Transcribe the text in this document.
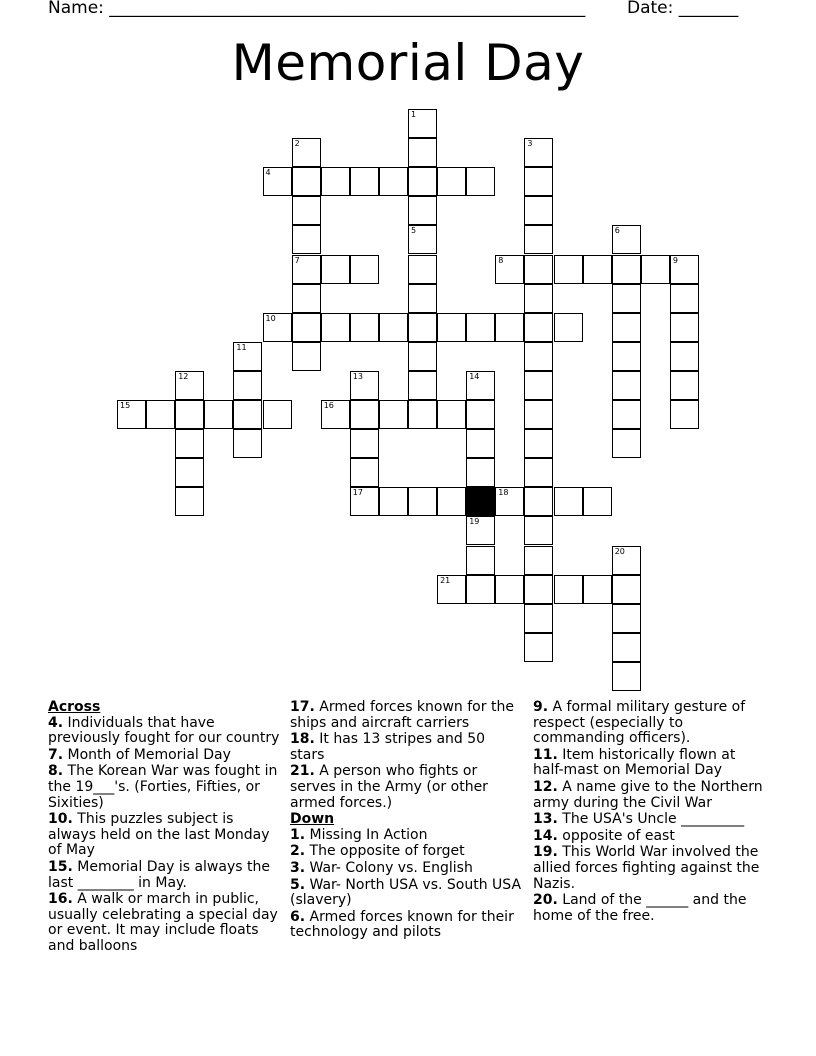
Name: ________________________________________________________ Date: _______
Memorial Day
4
7	8	9
10
15	16
17	18
21
1
5
2	3
6
11
12	13	14
19
20
Across
4. Individuals that have previously fought for our country
7. Month of Memorial Day
8. The Korean War was fought in the 19___'s. (Forties, Fifties, or Sixities)
10. This puzzles subject is always held on the last Monday of May
15. Memorial Day is always the last ________ in May.
16. A walk or march in public, usually celebrating a special day or event. It may include floats and balloons
17. Armed forces known for the ships and aircraft carriers
18. It has 13 stripes and 50 stars
21. A person who fights or serves in the Army (or other armed forces.)
Down
1. Missing In Action
2. The opposite of forget
3. War- Colony vs. English
5. War- North USA vs. South USA (slavery)
6. Armed forces known for their technology and pilots
9. A formal military gesture of respect (especially to commanding officers).
11. Item historically flown at half-mast on Memorial Day
12. A name give to the Northern army during the Civil War
13. The USA's Uncle _________
14. opposite of east
19. This World War involved the allied forces fighting against the Nazis.
20. Land of the ______ and the home of the free.
